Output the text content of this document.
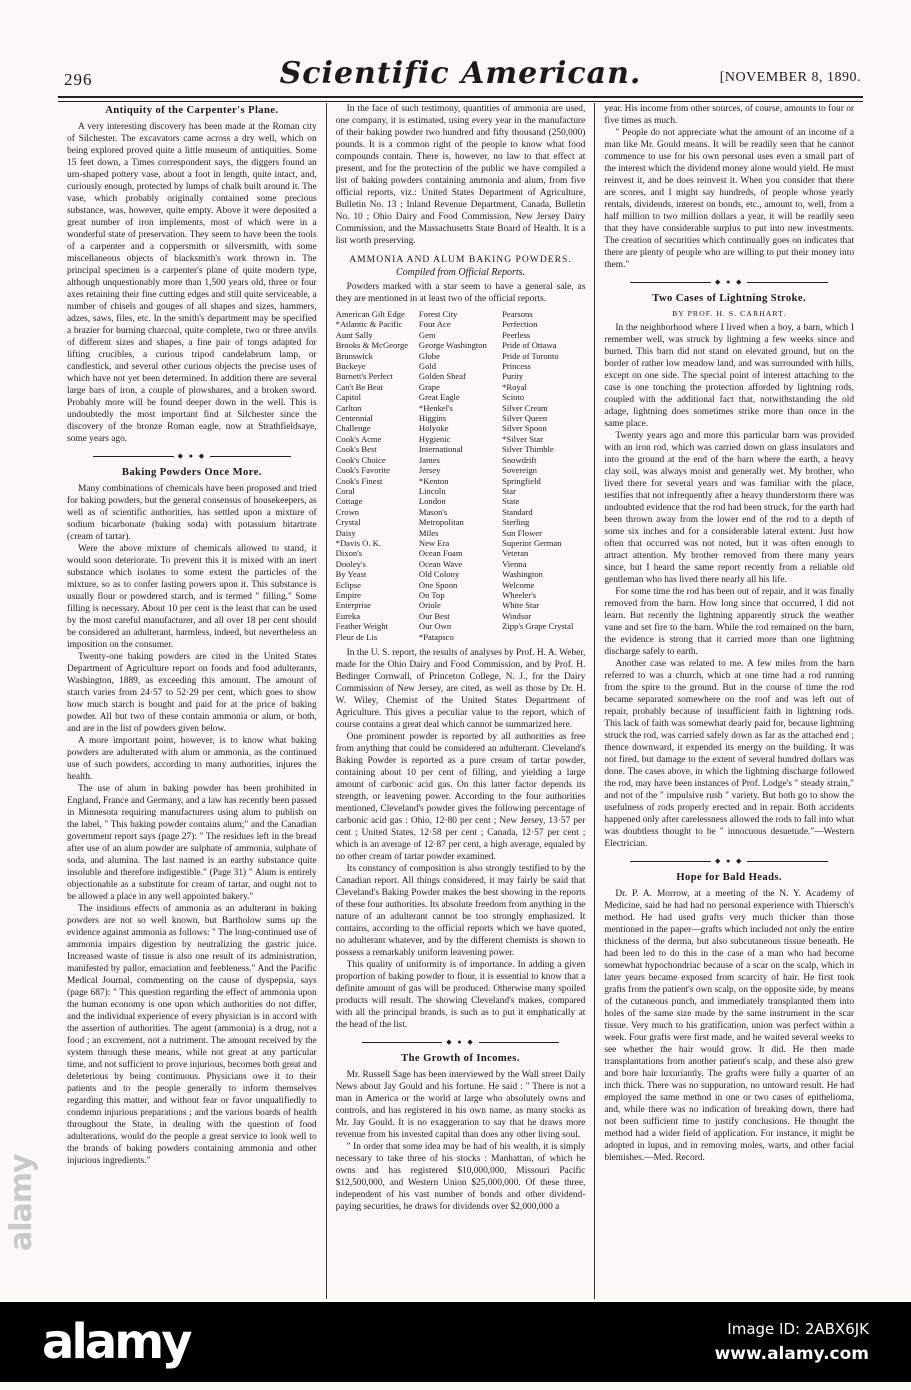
296	Scientific American.	[NOVEMBER 8, 1890.
Antiquity of the Carpenter's Plane.

A very interesting discovery has been made at the Roman city of Silchester. The excavators came across a dry well, which on being explored proved quite a little museum of antiquities. Some 15 feet down, a Times correspondent says, the diggers found an urn-shaped pottery vase, about a foot in length, quite intact, and, curiously enough, protected by lumps of chalk built around it. The vase, which probably originally contained some precious substance, was, however, quite empty. Above it were deposited a great number of iron implements, most of which were in a wonderful state of preservation. They seem to have been the tools of a carpenter and a coppersmith or silversmith, with some miscellaneous objects of blacksmith's work thrown in. The principal specimen is a carpenter's plane of quite modern type, although unquestionably more than 1,500 years old, three or four axes retaining their fine cutting edges and still quite serviceable, a number of chisels and gouges of all shapes and sizes, hammers, adzes, saws, files, etc. In the smith's department may be specified a brazier for burning charcoal, quite complete, two or three anvils of different sizes and shapes, a fine pair of tongs adapted for lifting crucibles, a curious tripod candelabrum lamp, or candlestick, and several other curious objects the precise uses of which have not yet been determined. In addition there are several large bars of iron, a couple of plowshares, and a broken sword. Probably more will be found deeper down in the well. This is undoubtedly the most important find at Silchester since the discovery of the bronze Roman eagle, now at Strathfieldsaye, some years ago.

◆ ● ◆
Baking Powders Once More.

Many combinations of chemicals have been proposed and tried for baking powders, but the general consensus of housekeepers, as well as of scientific authorities, has settled upon a mixture of sodium bicarbonate (baking soda) with potassium bitartrate (cream of tartar).

Were the above mixture of chemicals allowed to stand, it would soon deteriorate. To prevent this it is mixed with an inert substance which isolates to some extent the particles of the mixture, so as to confer lasting powers upon it. This substance is usually flour or powdered starch, and is termed " filling." Some filling is necessary. About 10 per cent is the least that can be used by the most careful manufacturer, and all over 18 per cent should be considered an adulterant, harmless, indeed, but nevertheless an imposition on the consumer.

Twenty-one baking powders are cited in the United States Department of Agriculture report on foods and food adulterants, Washington, 1889, as exceeding this amount. The amount of starch varies from 24·57 to 52·29 per cent, which goes to show how much starch is bought and paid for at the price of baking powder. All but two of these contain ammonia or alum, or both, and are in the list of powders given below.

A more important point, however, is to know what baking powders are adulterated with alum or ammonia, as the continued use of such powders, according to many authorities, injures the health.

The use of alum in baking powder has been prohibited in England, France and Germany, and a law has recently been passed in Minnesota requiring manufacturers using alum to publish on the label, " This baking powder contains alum;" and the Canadian government report says (page 27): " The residues left in the bread after use of an alum powder are sulphate of ammonia, sulphate of soda, and alumina. The last named is an earthy substance quite insoluble and therefore indigestible." (Page 31) " Alum is entirely objectionable as a substitute for cream of tartar, and ought not to be allowed a place in any well appointed bakery."

The insidious effects of ammonia as an adulterant in baking powders are not so well known, but Bartholow sums up the evidence against ammonia as follows: " The long-continued use of ammonia impairs digestion by neutralizing the gastric juice. Increased waste of tissue is also one result of its administration, manifested by pallor, emaciation and feebleness." And the Pacific Medical Journal, commenting on the cause of dyspepsia, says (page 687): " This question regarding the effect of ammonia upon the human economy is one upon which authorities do not differ, and the individual experience of every physician is in accord with the assertion of authorities. The agent (ammonia) is a drug, not a food ; an excrement, not a nutriment. The amount received by the system through these means, while not great at any particular time, and not sufficient to prove injurious, becomes both great and deleterious by being continuous. Physicians owe it to their patients and to the people generally to inform themselves regarding this matter, and without fear or favor unqualifiedly to condemn injurious preparations ; and the various boards of health throughout the State, in dealing with the question of food adulterations, would do the people a great service to look well to the brands of baking powders containing ammonia and other injurious ingredients."

In the face of such testimony, quantities of ammonia are used, one company, it is estimated, using every year in the manufacture of their baking powder two hundred and fifty thousand (250,000) pounds. It is a common right of the people to know what food compounds contain. There is, however, no law to that effect at present, and for the protection of the public we have compiled a list of baking powders containing ammonia and alum, from five official reports, viz.: United States Department of Agriculture, Bulletin No. 13 ; Inland Revenue Department, Canada, Bulletin No. 10 ; Ohio Dairy and Food Commission, New Jersey Dairy Commission, and the Massachusetts State Board of Health. It is a list worth preserving.

AMMONIA AND ALUM BAKING POWDERS.
Compiled from Official Reports.

Powders marked with a star seem to have a general sale, as they are mentioned in at least two of the official reports.

American Gilt Edge
*Atlantic & Pacific
Aunt Sally
Brooks & McGeorge
Brunswick
Buckeye
Burnett's Perfect
Can't Be Beat
Capitol
Carlton
Centennial
Challenge
Cook's Acme
Cook's Best
Cook's Choice
Cook's Favorite
Cook's Finest
Coral
Cottage
Crown
Crystal
Daisy
*Davis O. K.
Dixon's
Dooley's
By Yeast
Eclipse
Empire
Enterprise
Eureka
Feather Weight
Fleur de Lis
Forest City
Four Ace
Gem
George Washington
Globe
Gold
Golden Sheaf
Grape
Great Eagle
*Henkel's
Higgins
Holyoke
Hygienic
International
James
Jersey
*Kenton
Lincoln
London
Mason's
Metropolitan
Miles
New Era
Ocean Foam
Ocean Wave
Old Colony
One Spoon
On Top
Oriole
Our Best
Our Own
*Patapsco
Pearsons
Perfection
Peerless
Pride of Ottawa
Pride of Toronto
Princess
Purity
*Royal
Scioto
Silver Cream
Silver Queen
Silver Spoon
*Silver Star
Silver Thimble
Snowdrift
Sovereign
Springfield
Star
State
Standard
Sterling
Sun Flower
Superior German
Veteran
Vienna
Washington
Welcome
Wheeler's
White Star
Windsor
Zipp's Grape Crystal

In the U. S. report, the results of analyses by Prof. H. A. Weber, made for the Ohio Dairy and Food Commission, and by Prof. H. Bedinger Cornwall, of Princeton College, N. J., for the Dairy Commission of New Jersey, are cited, as well as those by Dr. H. W. Wiley, Chemist of the United States Department of Agriculture. This gives a peculiar value to the report, which of course contains a great deal which cannot be summarized here.

One prominent powder is reported by all authorities as free from anything that could be considered an adulterant. Cleveland's Baking Powder is reported as a pure cream of tartar powder, containing about 10 per cent of filling, and yielding a large amount of carbonic acid gas. On this latter factor depends its strength, or leavening power. According to the four authorities mentioned, Cleveland's powder gives the following percentage of carbonic acid gas : Ohio, 12·80 per cent ; New Jersey, 13·57 per cent ; United States, 12·58 per cent ; Canada, 12·57 per cent ; which is an average of 12·87 per cent, a high average, equaled by no other cream of tartar powder examined.

Its constancy of composition is also strongly testified to by the Canadian report. All things considered, it may fairly be said that Cleveland's Baking Powder makes the best showing in the reports of these four authorities. Its absolute freedom from anything in the nature of an adulterant cannot be too strongly emphasized. It contains, according to the official reports which we have quoted, no adulterant whatever, and by the different chemists is shown to possess a remarkably uniform leavening power.

This quality of uniformity is of importance. In adding a given proportion of baking powder to flour, it is essential to know that a definite amount of gas will be produced. Otherwise many spoiled products will result. The showing Cleveland's makes, compared with all the principal brands, is such as to put it emphatically at the head of the list.

◆ ● ◆
The Growth of Incomes.

Mr. Russell Sage has been interviewed by the Wall street Daily News about Jay Gould and his fortune. He said : " There is not a man in America or the world at large who absolutely owns and controls, and has registered in his own name, as many stocks as Mr. Jay Gould. It is no exaggeration to say that he draws more revenue from his invested capital than does any other living soul.

" In order that some idea may be had of his wealth, it is simply necessary to take three of his stocks : Manhattan, of which he owns and has registered $10,000,000, Missouri Pacific $12,500,000, and Western Union $25,000,000. Of these three, independent of his vast number of bonds and other dividend-paying securities, he draws for dividends over $2,000,000 a

year. His income from other sources, of course, amounts to four or five times as much.

" People do not appreciate what the amount of an income of a man like Mr. Gould means. It will be readily seen that he cannot commence to use for his own personal uses even a small part of the interest which the dividend money alone would yield. He must reinvest it, and he does reinvest it. When you consider that there are scores, and I might say hundreds, of people whose yearly rentals, dividends, interest on bonds, etc., amount to, well, from a half million to two million dollars a year, it will be readily seen that they have considerable surplus to put into new investments. The creation of securities which continually goes on indicates that there are plenty of people who are willing to put their money into them."

◆ ● ◆
Two Cases of Lightning Stroke.
BY PROF. H. S. CARHART.

In the neighborhood where I lived when a boy, a barn, which I remember well, was struck by lightning a few weeks since and burned. This barn did not stand on elevated ground, but on the border of rather low meadow land, and was surrounded with hills, except on one side. The special point of interest attaching to the case is one touching the protection afforded by lightning rods, coupled with the additional fact that, notwithstanding the old adage, lightning does sometimes strike more than once in the same place.

Twenty years ago and more this particular barn was provided with an iron rod, which was carried down on glass insulators and into the ground at the end of the barn where the earth, a heavy clay soil, was always moist and generally wet. My brother, who lived there for several years and was familiar with the place, testifies that not infrequently after a heavy thunderstorm there was undoubted evidence that the rod had been struck, for the earth had been thrown away from the lower end of the rod to a depth of some six inches and for a considerable lateral extent. Just how often that occurred was not noted, but it was often enough to attract attention. My brother removed from there many years since, but I heard the same report recently from a reliable old gentleman who has lived there nearly all his life.

For some time the rod has been out of repair, and it was finally removed from the barn. How long since that occurred, I did not learn. But recently the lightning apparently struck the weather vane and set fire to the barn. While the rod remained on the barn, the evidence is strong that it carried more than one lightning discharge safely to earth.

Another case was related to me. A few miles from the barn referred to was a church, which at one time had a rod running from the spire to the ground. But in the course of time the rod became separated somewhere on the roof and was left out of repair, probably because of insufficient faith in lightning rods. This lack of faith was somewhat dearly paid for, because lightning struck the rod, was carried safely down as far as the attached end ; thence downward, it expended its energy on the building. It was not fired, but damage to the extent of several hundred dollars was done. The cases above, in which the lightning discharge followed the rod, may have been instances of Prof. Lodge's " steady strain," and not of the " impulsive rush " variety. But both go to show the usefulness of rods properly erected and in repair. Both accidents happened only after carelessness allowed the rods to fall into what was doubtless thought to be " innocuous desuetude."—Western Electrician.

◆ ● ◆
Hope for Bald Heads.

Dr. P. A. Morrow, at a meeting of the N. Y. Academy of Medicine, said he had had no personal experience with Thiersch's method. He had used grafts very much thicker than those mentioned in the paper—grafts which included not only the entire thickness of the derma, but also subcutaneous tissue beneath. He had been led to do this in the case of a man who had become somewhat hypochondriac because of a scar on the scalp, which in later years became exposed from scarcity of hair. He first took grafts from the patient's own scalp, on the opposite side, by means of the cutaneous punch, and immediately transplanted them into holes of the same size made by the same instrument in the scar tissue. Very much to his gratification, union was perfect within a week. Four grafts were first made, and he waited several weeks to see whether the hair would grow. It did. He then made transplantations from another patient's scalp, and these also grew and bore hair luxuriantly. The grafts were fully a quarter of an inch thick. There was no suppuration, no untoward result. He had employed the same method in one or two cases of epithelioma, and, while there was no indication of breaking down, there had not been sufficient time to justify conclusions. He thought the method had a wider field of application. For instance, it might be adopted in lupus, and in removing moles, warts, and other facial blemishes.—Med. Record.

alamy
alamy	Image ID: 2ABX6JK
www.alamy.com
